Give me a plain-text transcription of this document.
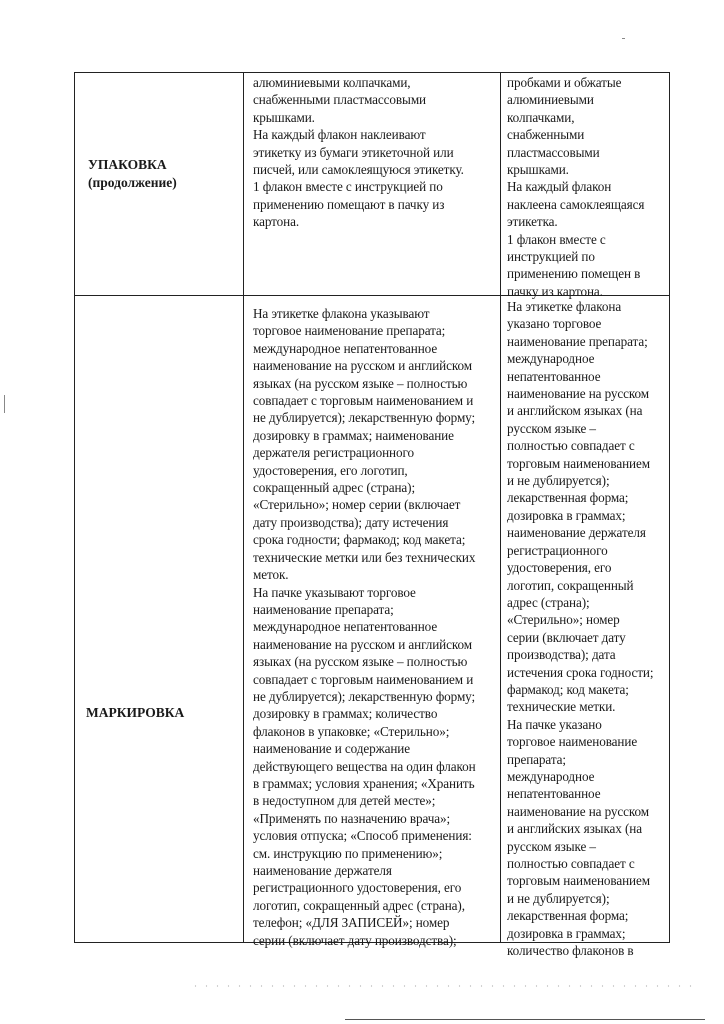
УПАКОВКА
(продолжение)
алюминиевыми колпачками,
снабженными пластмассовыми
крышками.
На каждый флакон наклеивают
этикетку из бумаги этикеточной или
писчей, или самоклеящуюся этикетку.
1 флакон вместе с инструкцией по
применению помещают в пачку из
картона.
пробками и обжатые
алюминиевыми
колпачками,
снабженными
пластмассовыми
крышками.
На каждый флакон
наклеена самоклеящаяся
этикетка.
1 флакон вместе с
инструкцией по
применению помещен в
пачку из картона.
МАРКИРОВКА
На этикетке флакона указывают
торговое наименование препарата;
международное непатентованное
наименование на русском и английском
языках (на русском языке – полностью
совпадает с торговым наименованием и
не дублируется); лекарственную форму;
дозировку в граммах; наименование
держателя регистрационного
удостоверения, его логотип,
сокращенный адрес (страна);
«Стерильно»; номер серии (включает
дату производства); дату истечения
срока годности; фармакод; код макета;
технические метки или без технических
меток.
На пачке указывают торговое
наименование препарата;
международное непатентованное
наименование на русском и английском
языках (на русском языке – полностью
совпадает с торговым наименованием и
не дублируется); лекарственную форму;
дозировку в граммах; количество
флаконов в упаковке; «Стерильно»;
наименование и содержание
действующего вещества на один флакон
в граммах; условия хранения; «Хранить
в недоступном для детей месте»;
«Применять по назначению врача»;
условия отпуска; «Способ применения:
см. инструкцию по применению»;
наименование держателя
регистрационного удостоверения, его
логотип, сокращенный адрес (страна),
телефон; «ДЛЯ ЗАПИСЕЙ»; номер
серии (включает дату производства);
На этикетке флакона
указано торговое
наименование препарата;
международное
непатентованное
наименование на русском
и английском языках (на
русском языке –
полностью совпадает с
торговым наименованием
и не дублируется);
лекарственная форма;
дозировка в граммах;
наименование держателя
регистрационного
удостоверения, его
логотип, сокращенный
адрес (страна);
«Стерильно»; номер
серии (включает дату
производства); дата
истечения срока годности;
фармакод; код макета;
технические метки.
На пачке указано
торговое наименование
препарата;
международное
непатентованное
наименование на русском
и английских языках (на
русском языке –
полностью совпадает с
торговым наименованием
и не дублируется);
лекарственная форма;
дозировка в граммах;
количество флаконов в
